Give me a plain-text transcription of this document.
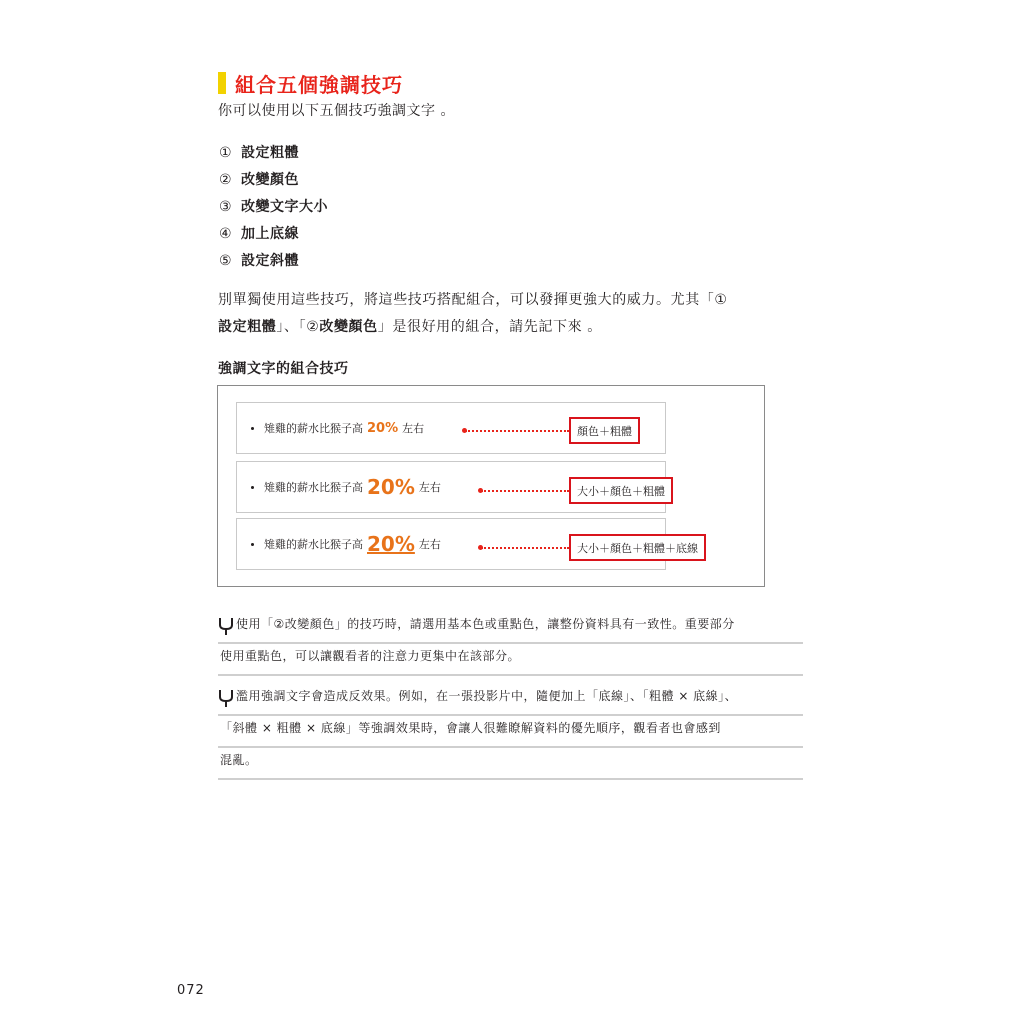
組合五個強調技巧
你可以使用以下五個技巧強調文字 。
① 設定粗體
② 改變顏色
③ 改變文字大小
④ 加上底線
⑤ 設定斜體
別單獨使用這些技巧，將這些技巧搭配組合，可以發揮更強大的威力。尤其「①
設定粗體」、「②改變顏色」是很好用的組合，請先記下來 。
強調文字的組合技巧
雉雞的薪水比猴子高 20% 左右	顏色＋粗體
雉雞的薪水比猴子高 20% 左右	大小＋顏色＋粗體
雉雞的薪水比猴子高 20% 左右	大小＋顏色＋粗體＋底線
使用「②改變顏色」的技巧時，請選用基本色或重點色，讓整份資料具有一致性。重要部分
使用重點色，可以讓觀看者的注意力更集中在該部分。
濫用強調文字會造成反效果。例如，在一張投影片中，隨便加上「底線」、「粗體 × 底線」、
「斜體 × 粗體 × 底線」等強調效果時，會讓人很難瞭解資料的優先順序，觀看者也會感到
混亂。
072
